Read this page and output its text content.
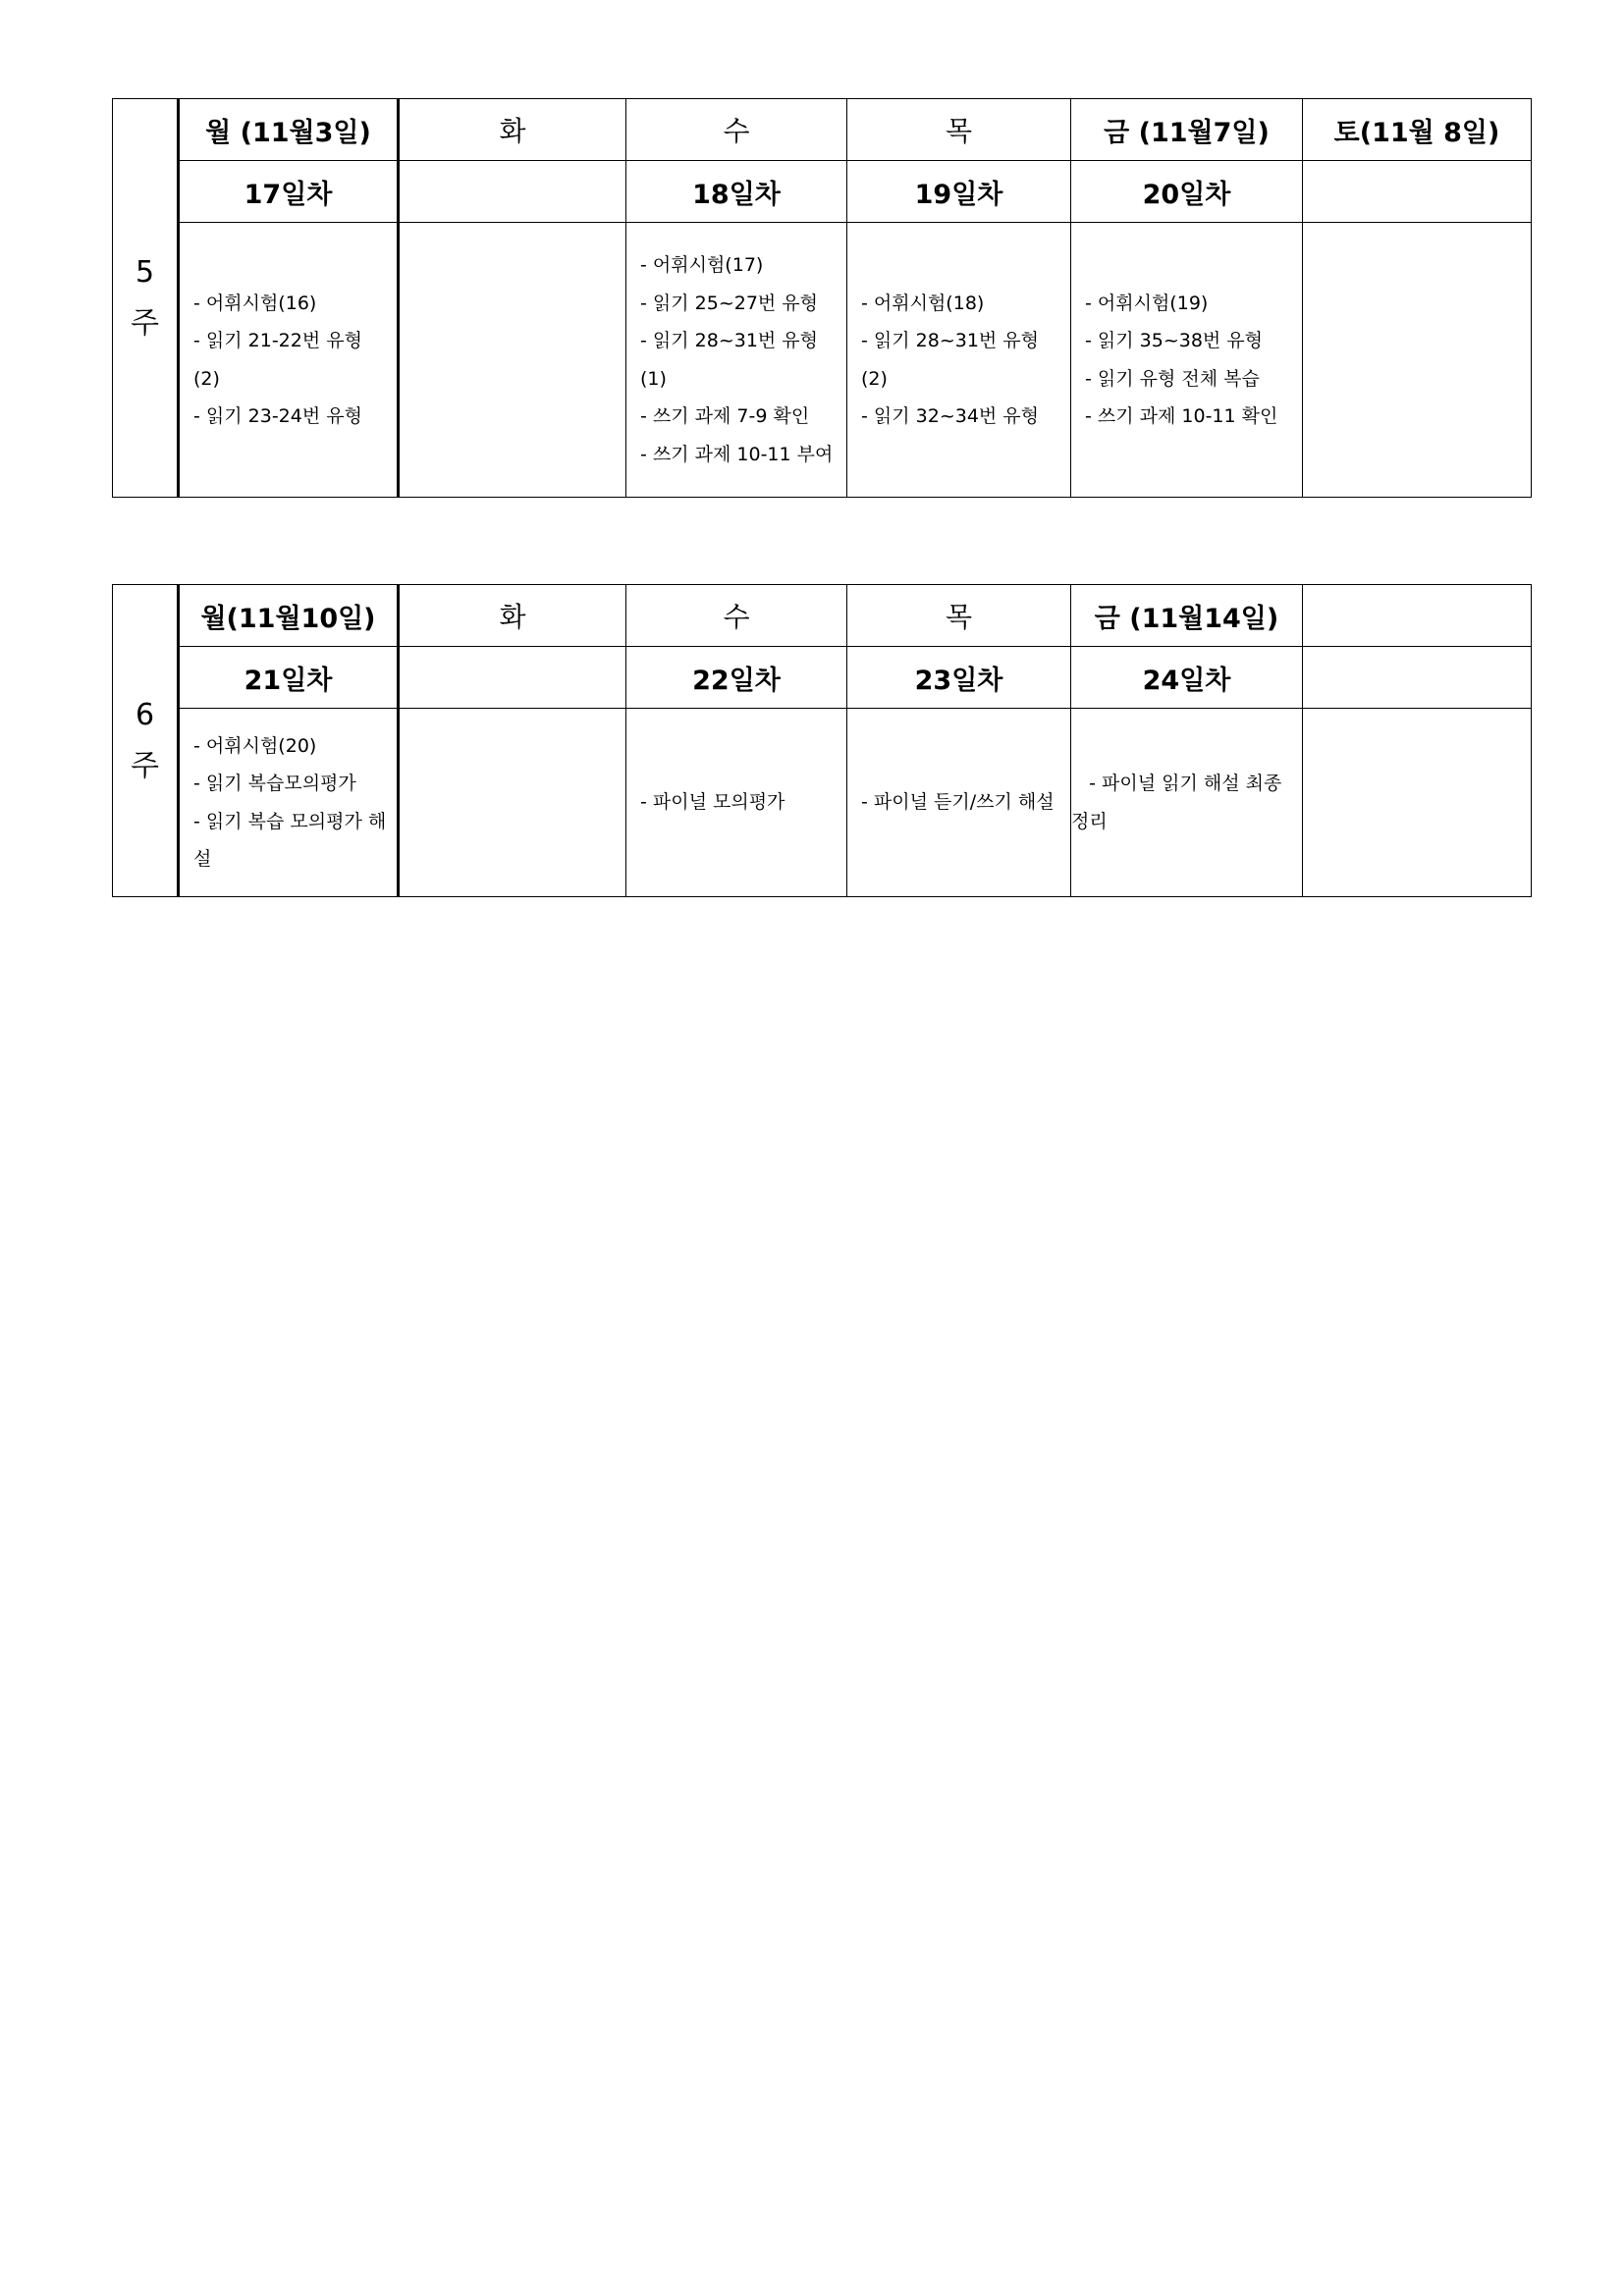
5
주	월 (11월3일)	화	수	목	금 (11월7일)	토(11월 8일)
	17일차		18일차	19일차	20일차	

	- 어휘시험(16)
- 읽기 21-22번 유형 (2)
- 읽기 23-24번 유형		- 어휘시험(17)
- 읽기 25~27번 유형
- 읽기 28~31번 유형 (1)
- 쓰기 과제 7-9 확인
- 쓰기 과제 10-11 부여	- 어휘시험(18)
- 읽기 28~31번 유형 (2)
- 읽기 32~34번 유형	- 어휘시험(19)
- 읽기 35~38번 유형
- 읽기 유형 전체 복습
- 쓰기 과제 10-11 확인	

6
주	월(11월10일)	화	수	목	금 (11월14일)	
	21일차		22일차	23일차	24일차	

	- 어휘시험(20)
- 읽기 복습모의평가
- 읽기 복습 모의평가 해설		- 파이널 모의평가	- 파이널 듣기/쓰기 해설	- 파이널 읽기 해설 최종 정리	
